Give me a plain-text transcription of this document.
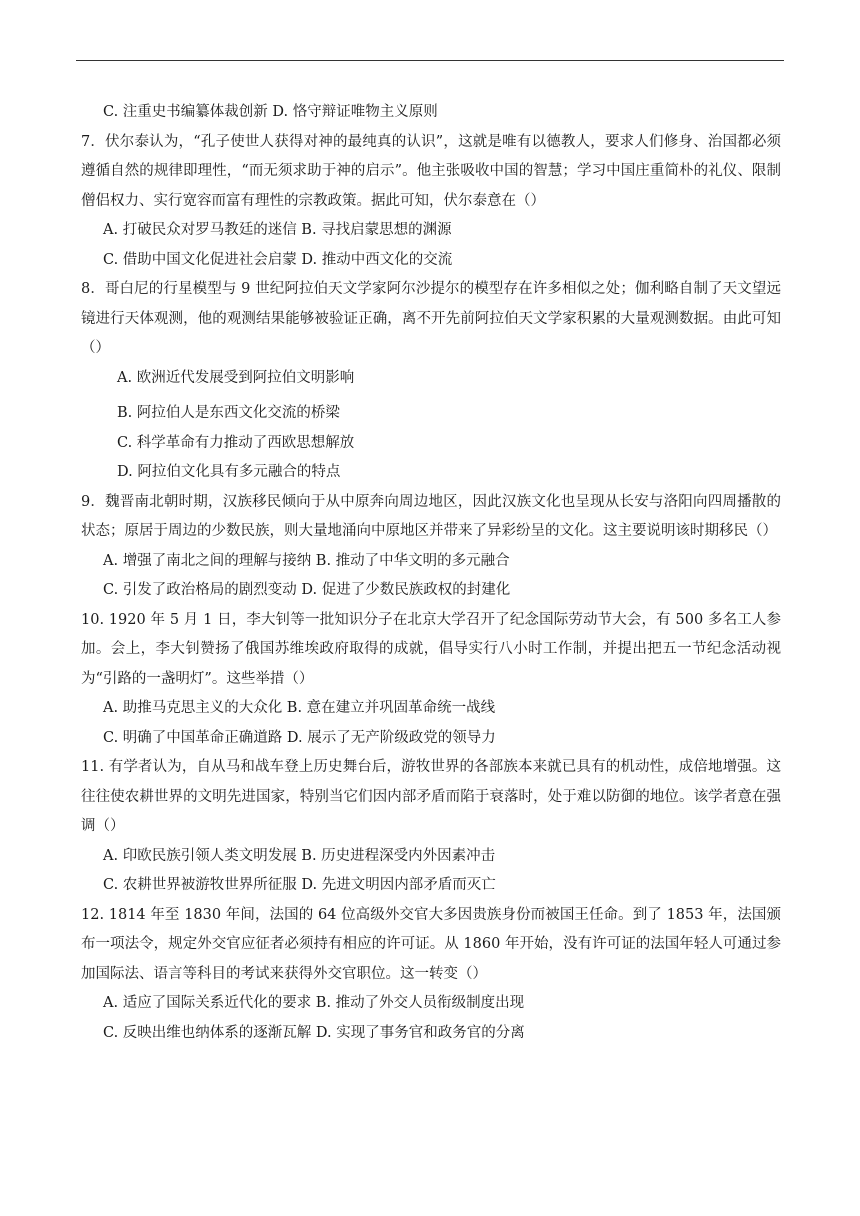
C. 注重史书编纂体裁创新 D. 恪守辩证唯物主义原则
7．伏尔泰认为，“孔子使世人获得对神的最纯真的认识”，这就是唯有以德教人，要求人们修身、治国都必须遵循自然的规律即理性，“而无须求助于神的启示”。他主张吸收中国的智慧；学习中国庄重简朴的礼仪、限制僧侣权力、实行宽容而富有理性的宗教政策。据此可知，伏尔泰意在（）
A. 打破民众对罗马教廷的迷信 B. 寻找启蒙思想的渊源
C. 借助中国文化促进社会启蒙 D. 推动中西文化的交流
8．哥白尼的行星模型与 9 世纪阿拉伯天文学家阿尔沙提尔的模型存在许多相似之处；伽利略自制了天文望远镜进行天体观测，他的观测结果能够被验证正确，离不开先前阿拉伯天文学家积累的大量观测数据。由此可知（）
A. 欧洲近代发展受到阿拉伯文明影响
B. 阿拉伯人是东西文化交流的桥梁
C. 科学革命有力推动了西欧思想解放
D. 阿拉伯文化具有多元融合的特点
9．魏晋南北朝时期，汉族移民倾向于从中原奔向周边地区，因此汉族文化也呈现从长安与洛阳向四周播散的状态；原居于周边的少数民族，则大量地涌向中原地区并带来了异彩纷呈的文化。这主要说明该时期移民（）
A. 增强了南北之间的理解与接纳 B. 推动了中华文明的多元融合
C. 引发了政治格局的剧烈变动 D. 促进了少数民族政权的封建化
10. 1920 年 5 月 1 日，李大钊等一批知识分子在北京大学召开了纪念国际劳动节大会，有 500 多名工人参加。会上，李大钊赞扬了俄国苏维埃政府取得的成就，倡导实行八小时工作制，并提出把五一节纪念活动视为“引路的一盏明灯”。这些举措（）
A. 助推马克思主义的大众化 B. 意在建立并巩固革命统一战线
C. 明确了中国革命正确道路 D. 展示了无产阶级政党的领导力
11. 有学者认为，自从马和战车登上历史舞台后，游牧世界的各部族本来就已具有的机动性，成倍地增强。这往往使农耕世界的文明先进国家，特别当它们因内部矛盾而陷于衰落时，处于难以防御的地位。该学者意在强调（）
A. 印欧民族引领人类文明发展 B. 历史进程深受内外因素冲击
C. 农耕世界被游牧世界所征服 D. 先进文明因内部矛盾而灭亡
12. 1814 年至 1830 年间，法国的 64 位高级外交官大多因贵族身份而被国王任命。到了 1853 年，法国颁布一项法令，规定外交官应征者必须持有相应的许可证。从 1860 年开始，没有许可证的法国年轻人可通过参加国际法、语言等科目的考试来获得外交官职位。这一转变（）
A. 适应了国际关系近代化的要求 B. 推动了外交人员衔级制度出现
C. 反映出维也纳体系的逐渐瓦解 D. 实现了事务官和政务官的分离
